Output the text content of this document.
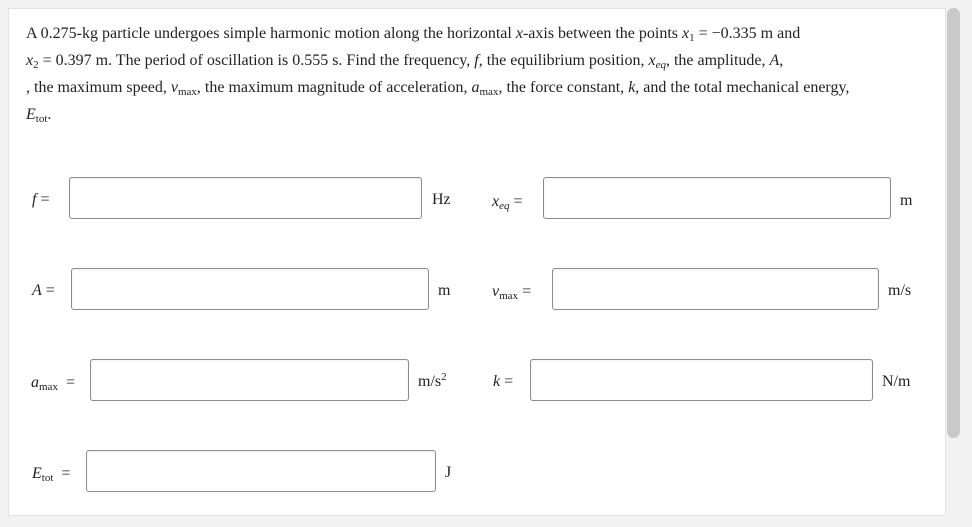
A 0.275-kg particle undergoes simple harmonic motion along the horizontal x-axis between the points $x_1 = -0.335$ m and
$x_2 = 0.397$ m. The period of oscillation is 0.555 s. Find the frequency, f, the equilibrium position, $x_{eq}$, the amplitude, A,
, the maximum speed, $v_{max}$, the maximum magnitude of acceleration, $a_{max}$, the force constant, k, and the total mechanical energy,
$E_{tot}$.
f =	Hz	$x_{eq}$ =	m
A =	m	$v_{max}$ =	m/s
$a_{max}$ =	$m/s^2$	k =	N/m
$E_{tot}$ =	J
